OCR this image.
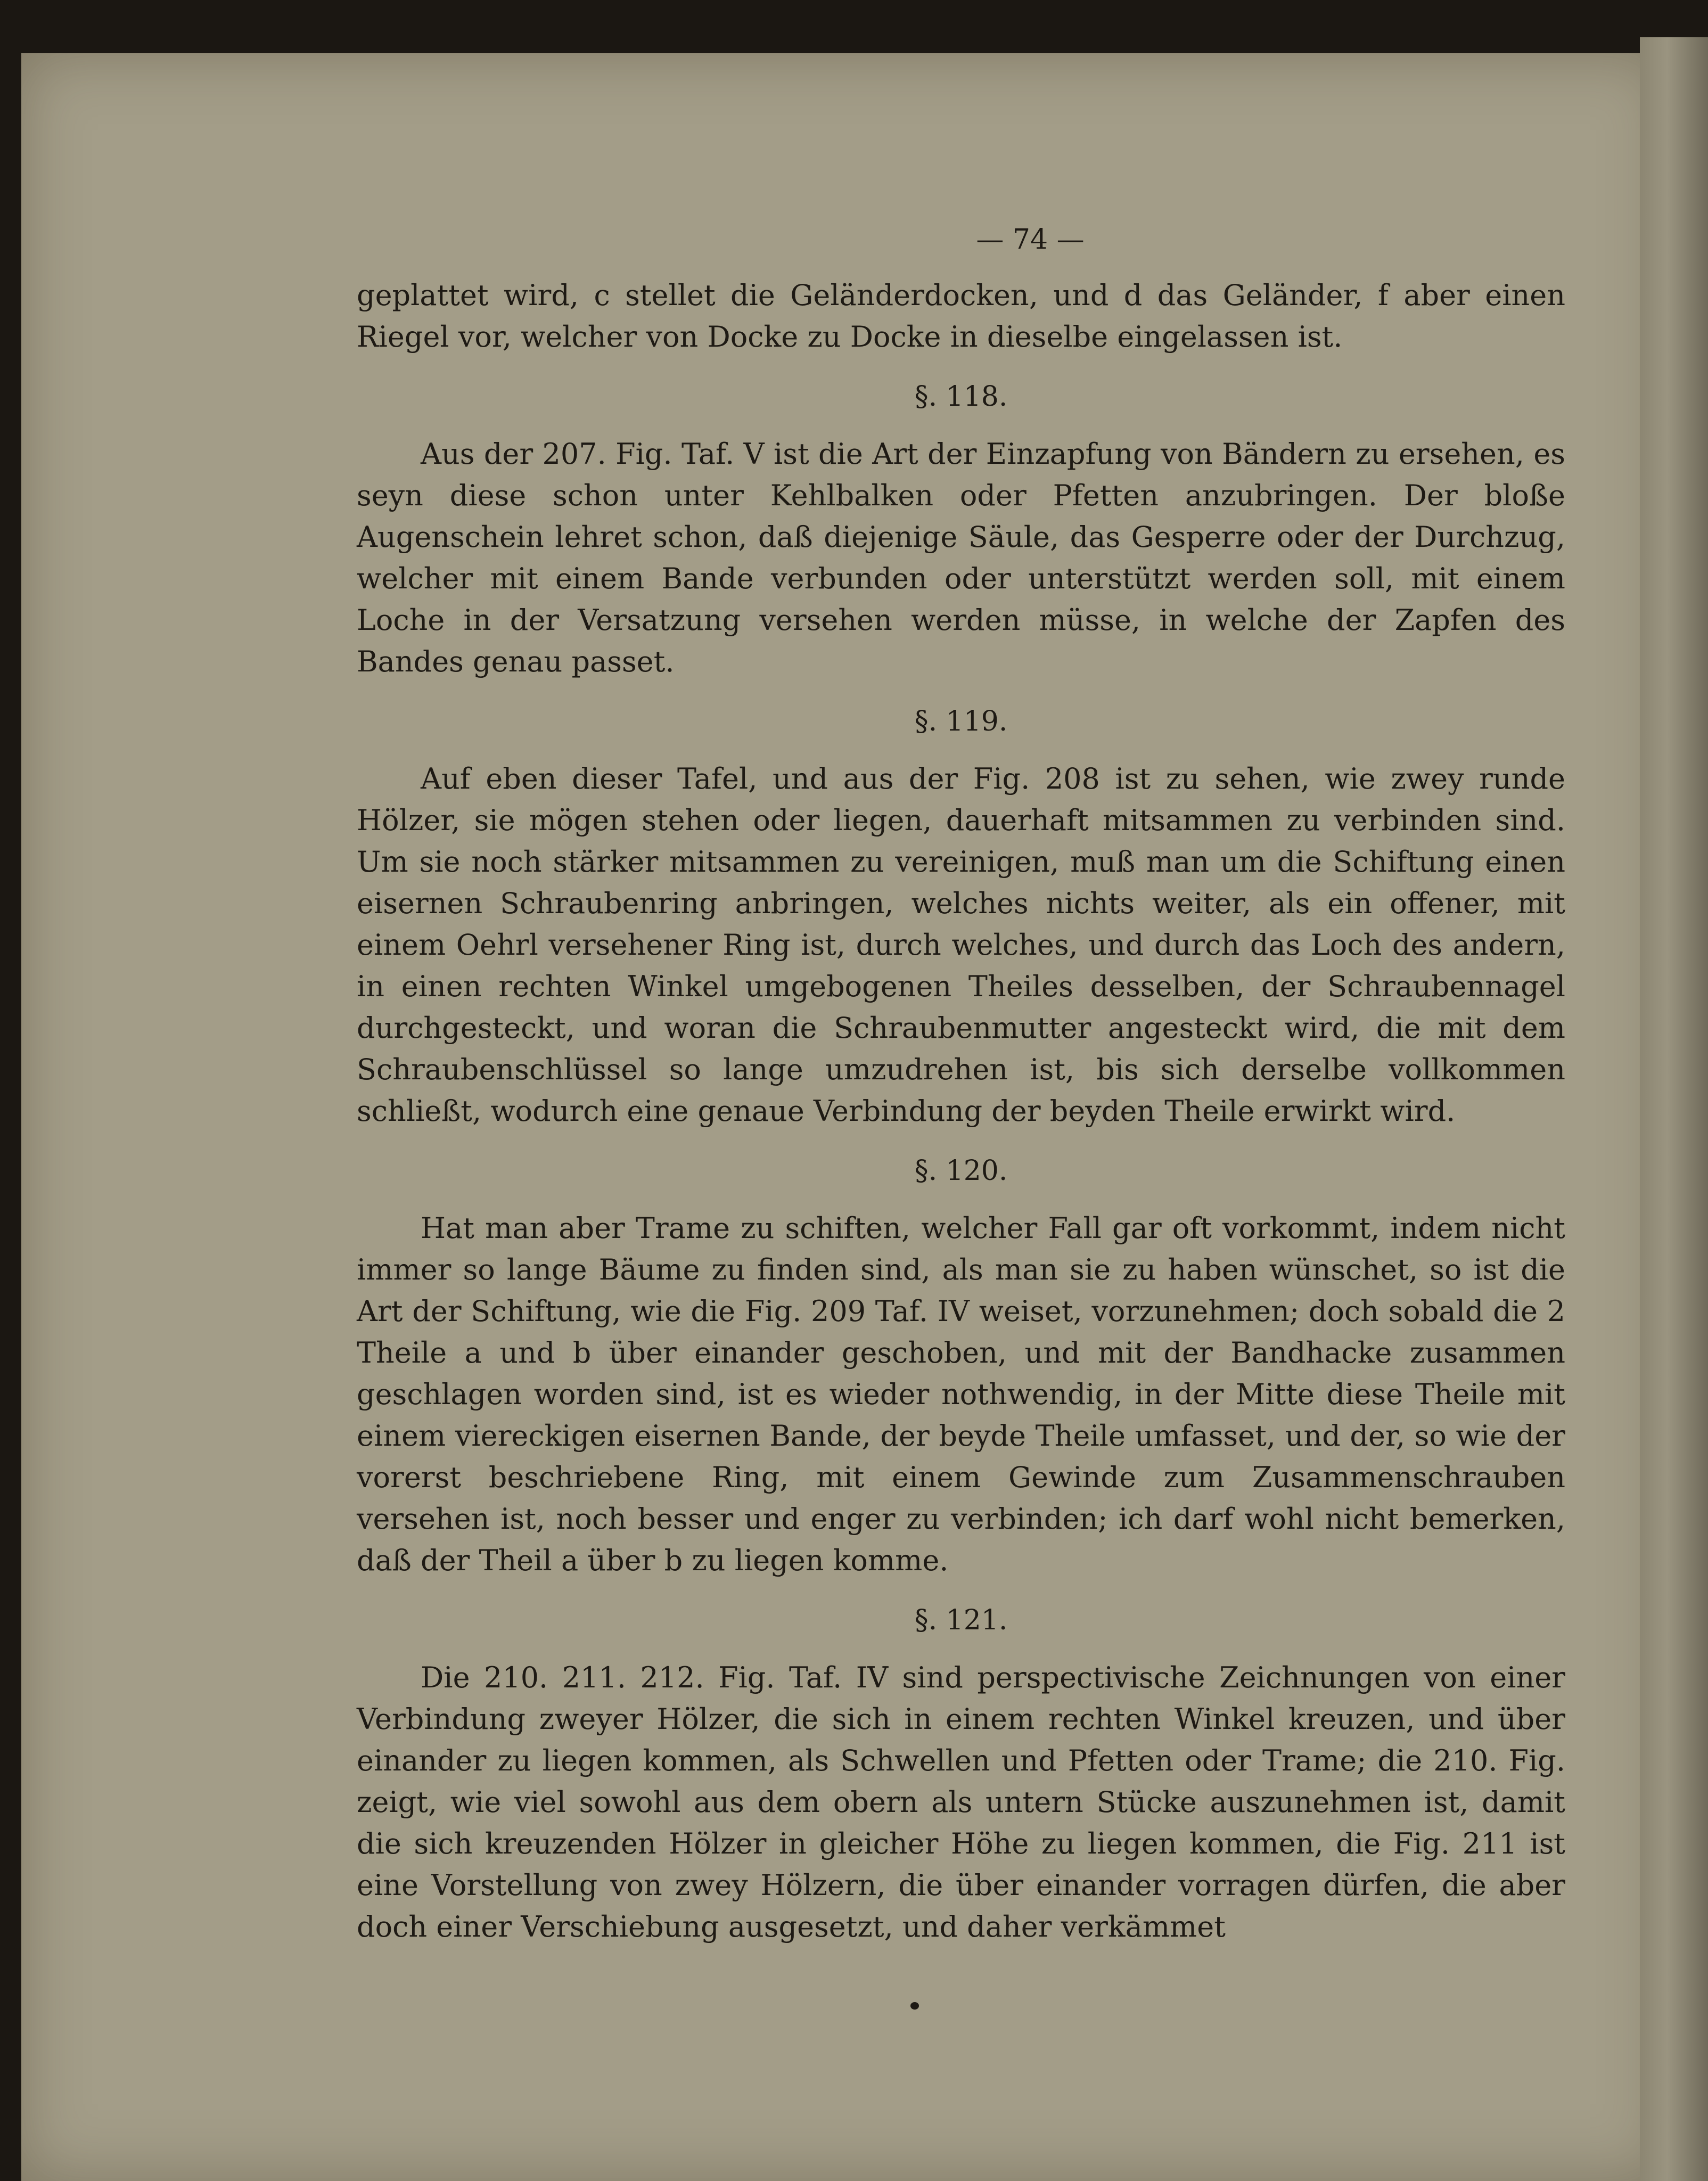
— 74 —

geplattet wird, c stellet die Geländerdocken, und d das Geländer, f aber einen Riegel vor, welcher von Docke zu Docke in dieselbe eingelassen ist.

§. 118.

Aus der 207. Fig. Taf. V ist die Art der Einzapfung von Bändern zu ersehen, es seyn diese schon unter Kehlbalken oder Pfetten anzubringen. Der bloße Augenschein lehret schon, daß diejenige Säule, das Gesperre oder der Durchzug, welcher mit einem Bande verbunden oder unterstützt werden soll, mit einem Loche in der Versatzung versehen werden müsse, in welche der Zapfen des Bandes genau passet.

§. 119.

Auf eben dieser Tafel, und aus der Fig. 208 ist zu sehen, wie zwey runde Hölzer, sie mögen stehen oder liegen, dauerhaft mitsammen zu verbinden sind. Um sie noch stärker mitsammen zu vereinigen, muß man um die Schiftung einen eisernen Schraubenring anbringen, welches nichts weiter, als ein offener, mit einem Oehrl versehener Ring ist, durch welches, und durch das Loch des andern, in einen rechten Winkel umgebogenen Theiles desselben, der Schraubennagel durchgesteckt, und woran die Schraubenmutter angesteckt wird, die mit dem Schraubenschlüssel so lange umzudrehen ist, bis sich derselbe vollkommen schließt, wodurch eine genaue Verbindung der beyden Theile erwirkt wird.

§. 120.

Hat man aber Trame zu schiften, welcher Fall gar oft vorkommt, indem nicht immer so lange Bäume zu finden sind, als man sie zu haben wünschet, so ist die Art der Schiftung, wie die Fig. 209 Taf. IV weiset, vorzunehmen; doch sobald die 2 Theile a und b über einander geschoben, und mit der Bandhacke zusammen geschlagen worden sind, ist es wieder nothwendig, in der Mitte diese Theile mit einem viereckigen eisernen Bande, der beyde Theile umfasset, und der, so wie der vorerst beschriebene Ring, mit einem Gewinde zum Zusammenschrauben versehen ist, noch besser und enger zu verbinden; ich darf wohl nicht bemerken, daß der Theil a über b zu liegen komme.

§. 121.

Die 210. 211. 212. Fig. Taf. IV sind perspectivische Zeichnungen von einer Verbindung zweyer Hölzer, die sich in einem rechten Winkel kreuzen, und über einander zu liegen kommen, als Schwellen und Pfetten oder Trame; die 210. Fig. zeigt, wie viel sowohl aus dem obern als untern Stücke auszunehmen ist, damit die sich kreuzenden Hölzer in gleicher Höhe zu liegen kommen, die Fig. 211 ist eine Vorstellung von zwey Hölzern, die über einander vorragen dürfen, die aber doch einer Verschiebung ausgesetzt, und daher verkämmet
